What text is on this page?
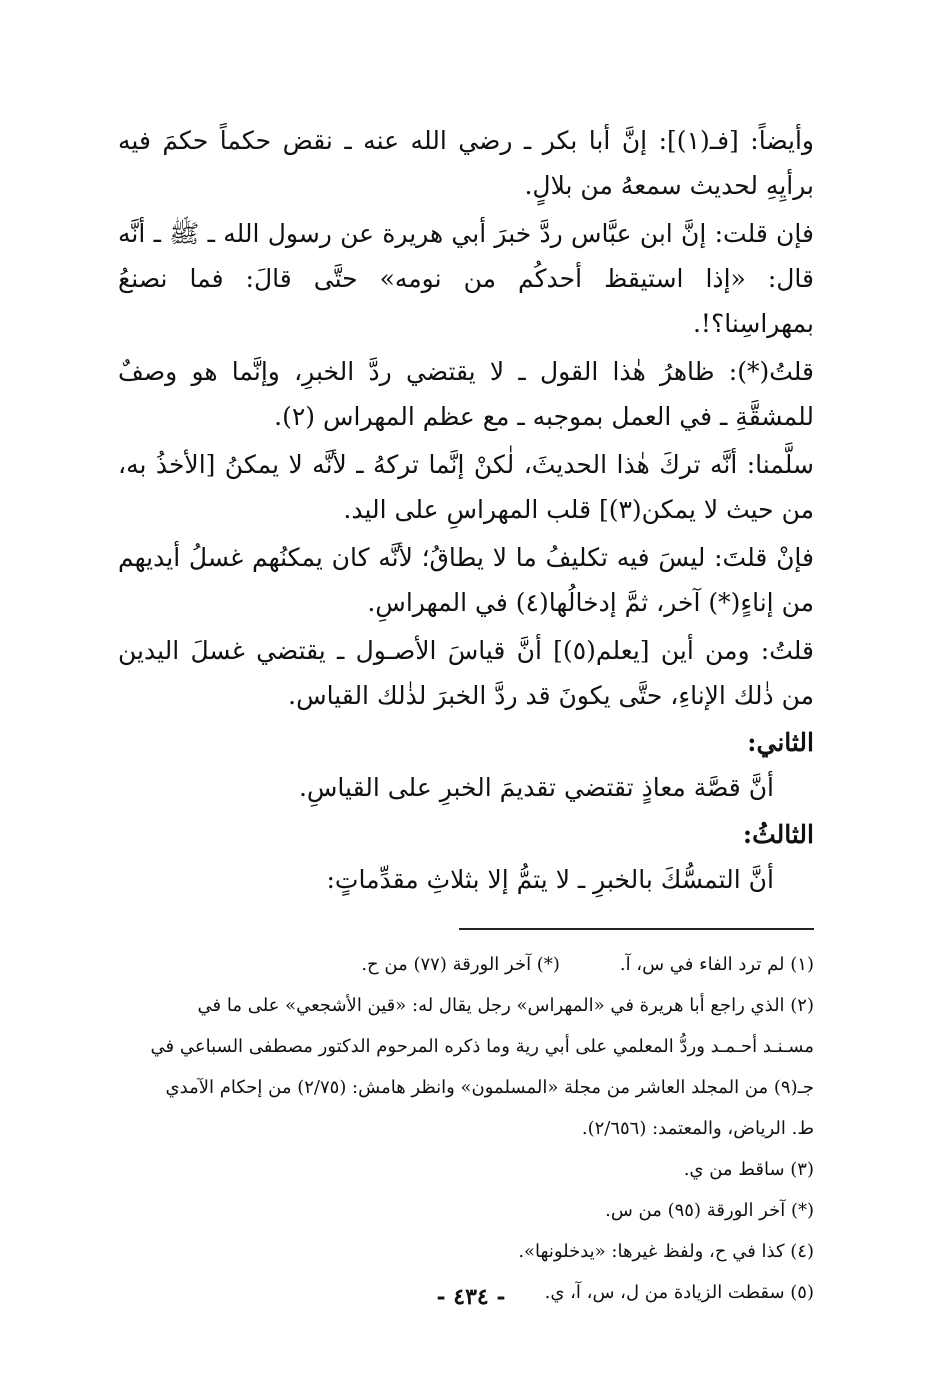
وأيضاً: [فـ(١)]: إنَّ أبا بكر ـ رضي الله عنه ـ نقض حكماً حكمَ فيه برأيِهِ لحديث سمعهُ من بلالٍ.

فإن قلت: إنَّ ابن عبَّاس ردَّ خبرَ أبي هريرة عن رسول الله ـ ﷺ ـ أنَّه قال: «إذا استيقظ أحدكُم من نومه» حتَّى قالَ: فما نصنعُ بمهراسِنا؟!.

قلتُ(*): ظاهرُ هٰذا القول ـ لا يقتضي ردَّ الخبرِ، وإنَّما هو وصفٌ للمشقَّةِ ـ في العمل بموجبه ـ مع عظم المهراس (٢).

سلَّمنا: أنَّه تركَ هٰذا الحديثَ، لٰكنْ إنَّما تركهُ ـ لأنَّه لا يمكنُ [الأخذُ به، من حيث لا يمكن(٣)] قلب المهراسِ على اليد.

فإنْ قلتَ: ليسَ فيه تكليفُ ما لا يطاقُ؛ لأنَّه كان يمكنُهم غسلُ أيديهم من إناءٍ(*) آخر، ثمَّ إدخالُها(٤) في المهراسِ.

قلتُ: ومن أين [يعلم(٥)] أنَّ قياسَ الأصـول ـ يقتضي غسلَ اليدين من ذٰلك الإناءِ، حتَّى يكونَ قد ردَّ الخبرَ لذٰلك القياس.

الثاني:

أنَّ قصَّة معاذٍ تقتضي تقديمَ الخبرِ على القياسِ.

الثالثُ:

أنَّ التمسُّكَ بالخبرِ ـ لا يتمُّ إلا بثلاثِ مقدِّماتٍ:

(١) لم ترد الفاء في س، آ.
(*) آخر الورقة (٧٧) من ح.

(٢) الذي راجع أبا هريرة في «المهراس» رجل يقال له: «قين الأشجعي» على ما في

مسـنـد أحـمـد وردُّ المعلمي على أبي رية وما ذكره المرحوم الدكتور مصطفى السباعي في

جـ(٩) من المجلد العاشر من مجلة «المسلمون» وانظر هامش: (٢/٧٥) من إحكام الآمدي

ط. الرياض، والمعتمد: (٢/٦٥٦).

(٣) ساقط من ي.

(*) آخر الورقة (٩٥) من س.

(٤) كذا في ح، ولفظ غيرها: «يدخلونها».

(٥) سقطت الزيادة من ل، س، آ، ي.

- ٤٣٤ -
